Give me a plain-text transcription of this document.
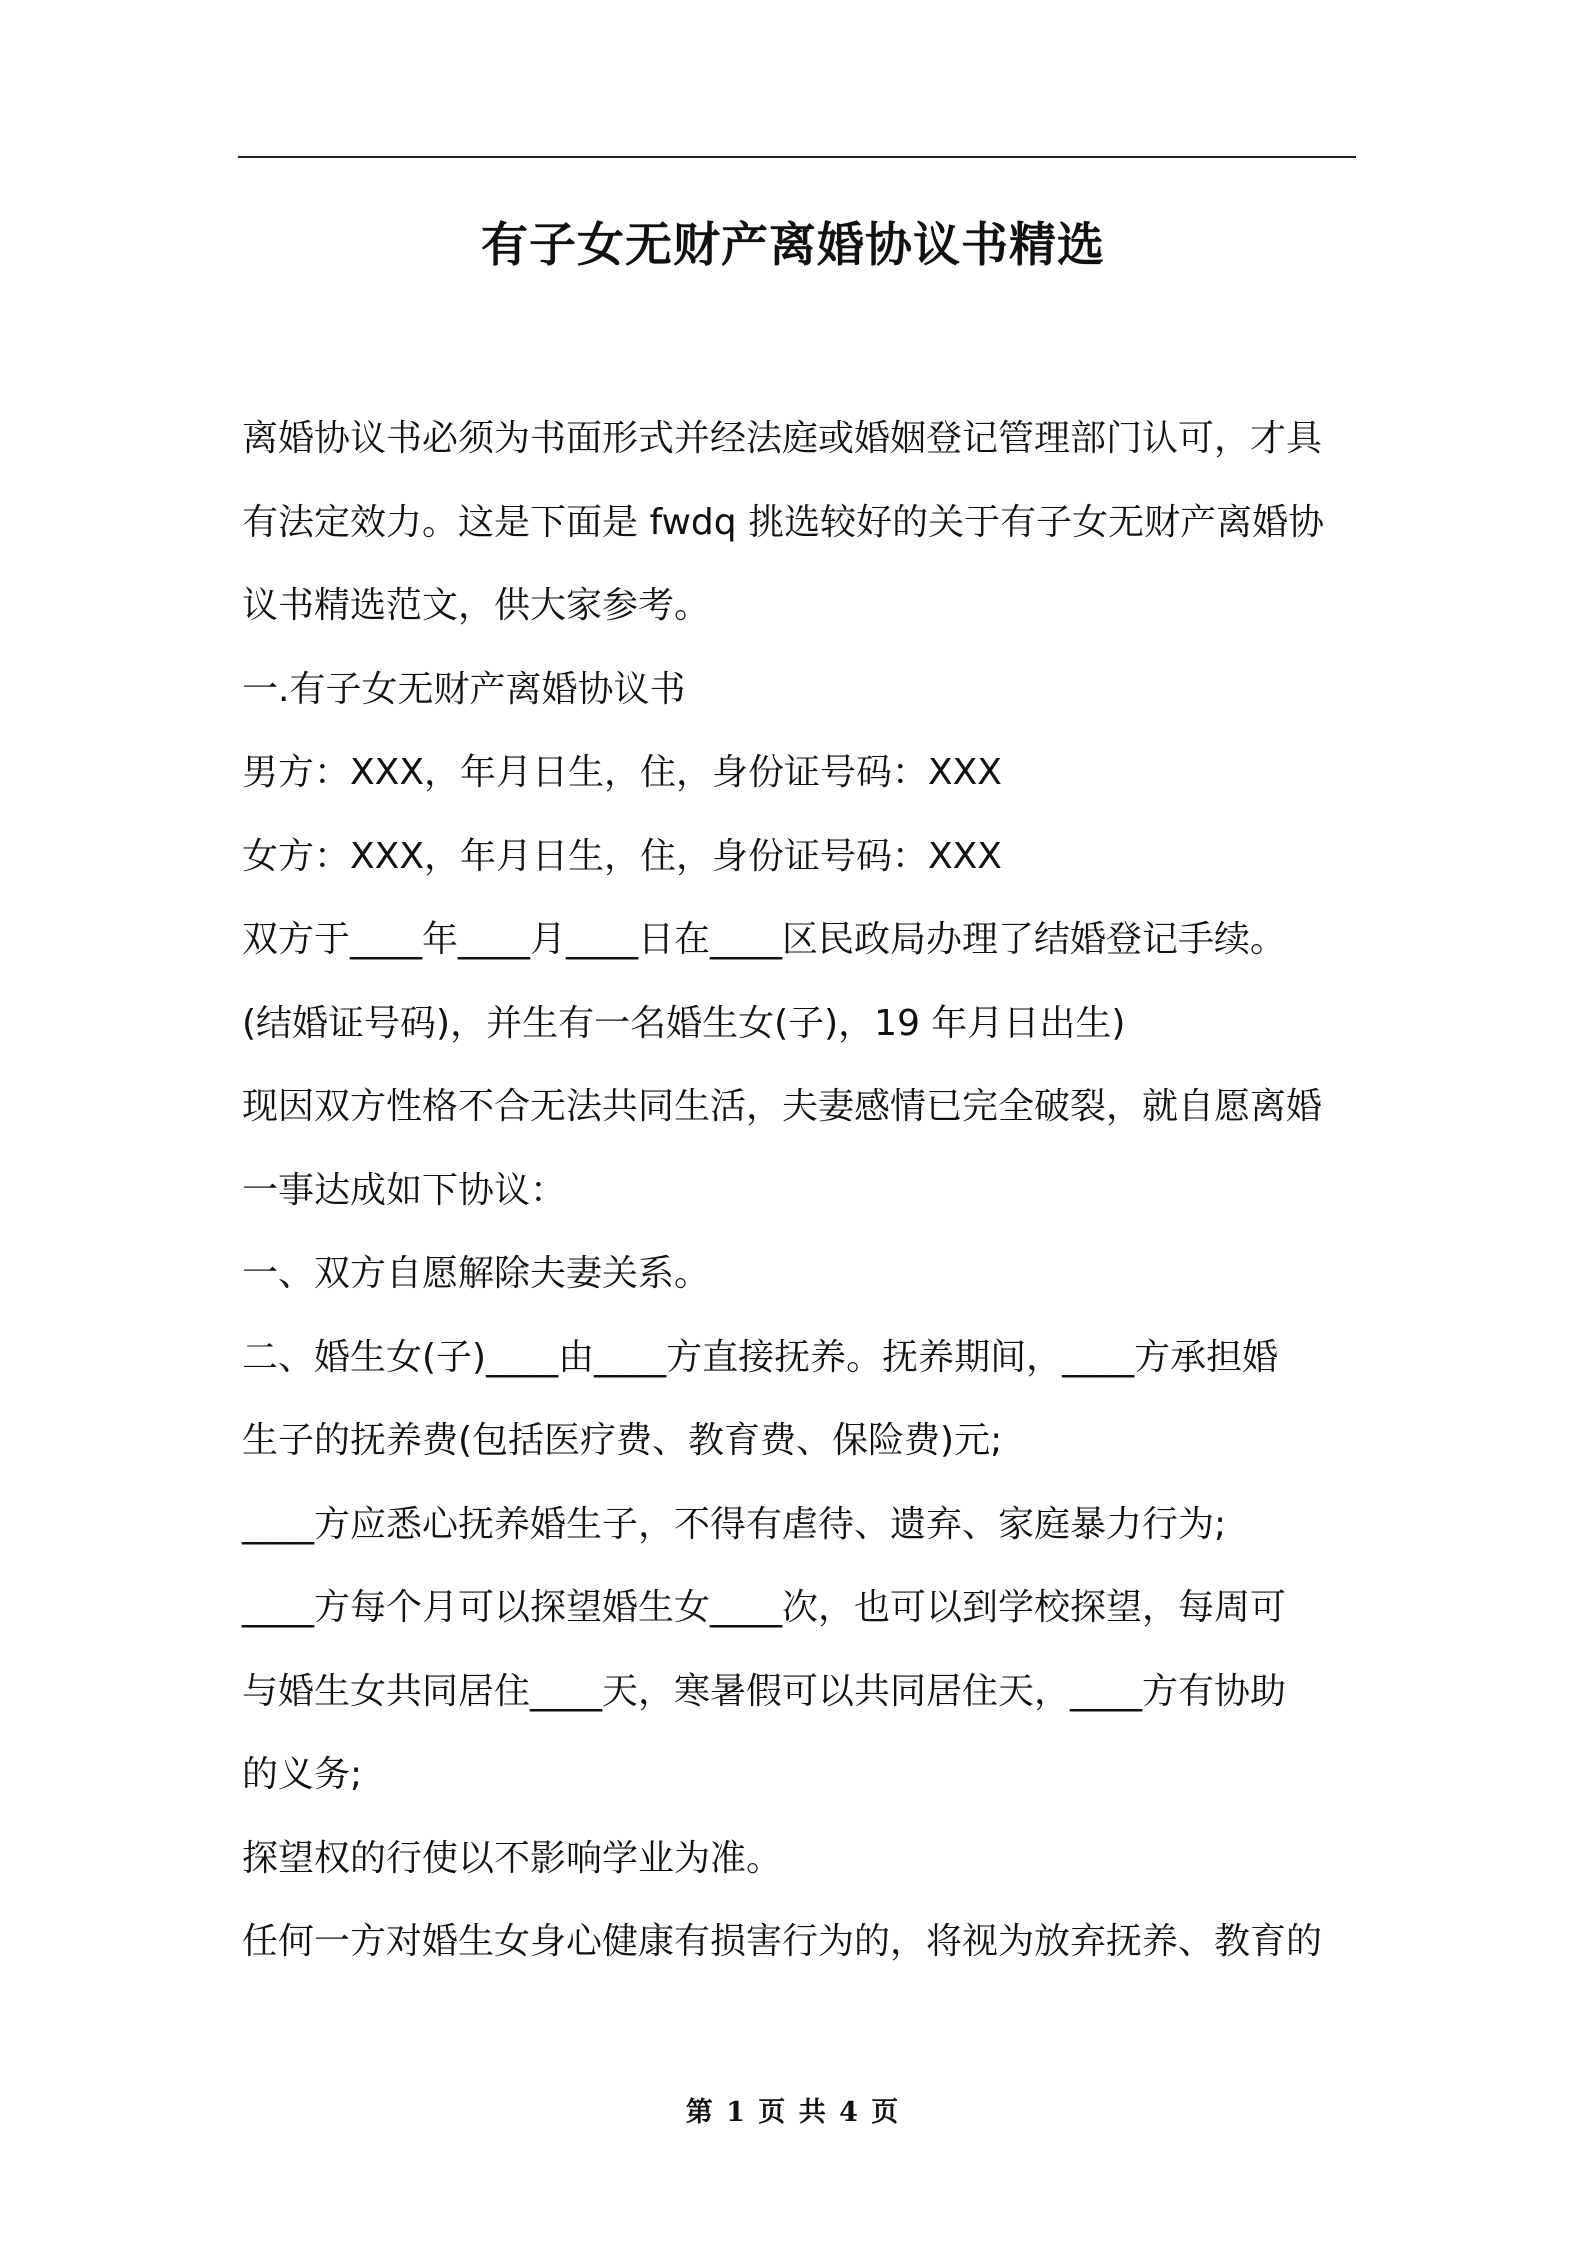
有子女无财产离婚协议书精选
离婚协议书必须为书面形式并经法庭或婚姻登记管理部门认可，才具
有法定效力。这是下面是 fwdq 挑选较好的关于有子女无财产离婚协
议书精选范文，供大家参考。
一.有子女无财产离婚协议书
男方：XXX，年月日生，住，身份证号码：XXX
女方：XXX，年月日生，住，身份证号码：XXX
双方于____年____月____日在____区民政局办理了结婚登记手续。
(结婚证号码)，并生有一名婚生女(子)，19 年月日出生)
现因双方性格不合无法共同生活，夫妻感情已完全破裂，就自愿离婚
一事达成如下协议：
一、双方自愿解除夫妻关系。
二、婚生女(子)____由____方直接抚养。抚养期间，____方承担婚
生子的抚养费(包括医疗费、教育费、保险费)元;
____方应悉心抚养婚生子，不得有虐待、遗弃、家庭暴力行为;
____方每个月可以探望婚生女____次，也可以到学校探望，每周可
与婚生女共同居住____天，寒暑假可以共同居住天，____方有协助
的义务;
探望权的行使以不影响学业为准。
任何一方对婚生女身心健康有损害行为的，将视为放弃抚养、教育的
第 1 页 共 4 页
